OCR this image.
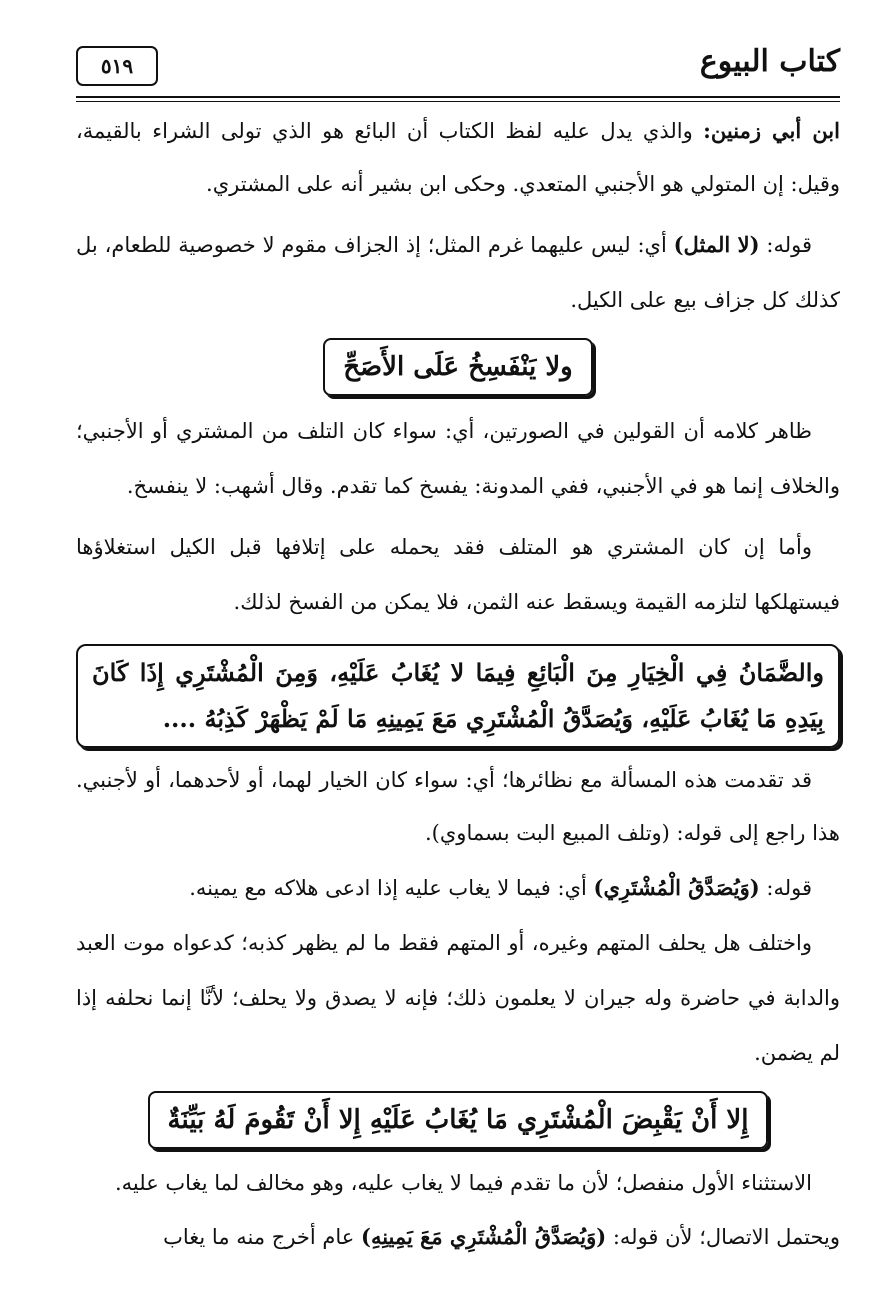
٥١٩	كتاب البيوع

ابن أبي زمنين: والذي يدل عليه لفظ الكتاب أن البائع هو الذي تولى الشراء بالقيمة، وقيل: إن المتولي هو الأجنبي المتعدي. وحكى ابن بشير أنه على المشتري.

قوله: (لا المثل) أي: ليس عليهما غرم المثل؛ إذ الجزاف مقوم لا خصوصية للطعام، بل كذلك كل جزاف بيع على الكيل.

ولا يَنْفَسِخُ عَلَى الأَصَحِّ

ظاهر كلامه أن القولين في الصورتين، أي: سواء كان التلف من المشتري أو الأجنبي؛ والخلاف إنما هو في الأجنبي، ففي المدونة: يفسخ كما تقدم. وقال أشهب: لا ينفسخ.

وأما إن كان المشتري هو المتلف فقد يحمله على إتلافها قبل الكيل استغلاؤها فيستهلكها لتلزمه القيمة ويسقط عنه الثمن، فلا يمكن من الفسخ لذلك.

والضَّمَانُ فِي الْخِيَارِ مِنَ الْبَائِعِ فِيمَا لا يُغَابُ عَلَيْهِ، وَمِنَ الْمُشْتَرِي إِذَا كَانَ بِيَدِهِ مَا يُغَابُ عَلَيْهِ، وَيُصَدَّقُ الْمُشْتَرِي مَعَ يَمِينِهِ مَا لَمْ يَظْهَرْ كَذِبُهُ ....

قد تقدمت هذه المسألة مع نظائرها؛ أي: سواء كان الخيار لهما، أو لأحدهما، أو لأجنبي. هذا راجع إلى قوله: (وتلف المبيع البت بسماوي).

قوله: (وَيُصَدَّقُ الْمُشْتَرِي) أي: فيما لا يغاب عليه إذا ادعى هلاكه مع يمينه.

واختلف هل يحلف المتهم وغيره، أو المتهم فقط ما لم يظهر كذبه؛ كدعواه موت العبد والدابة في حاضرة وله جيران لا يعلمون ذلك؛ فإنه لا يصدق ولا يحلف؛ لأنَّا إنما نحلفه إذا لم يضمن.

إِلا أَنْ يَقْبِضَ الْمُشْتَرِي مَا يُغَابُ عَلَيْهِ إِلا أَنْ تَقُومَ لَهُ بَيِّنَةٌ

الاستثناء الأول منفصل؛ لأن ما تقدم فيما لا يغاب عليه، وهو مخالف لما يغاب عليه.

ويحتمل الاتصال؛ لأن قوله: (وَيُصَدَّقُ الْمُشْتَرِي مَعَ يَمِينِهِ) عام أخرج منه ما يغاب
